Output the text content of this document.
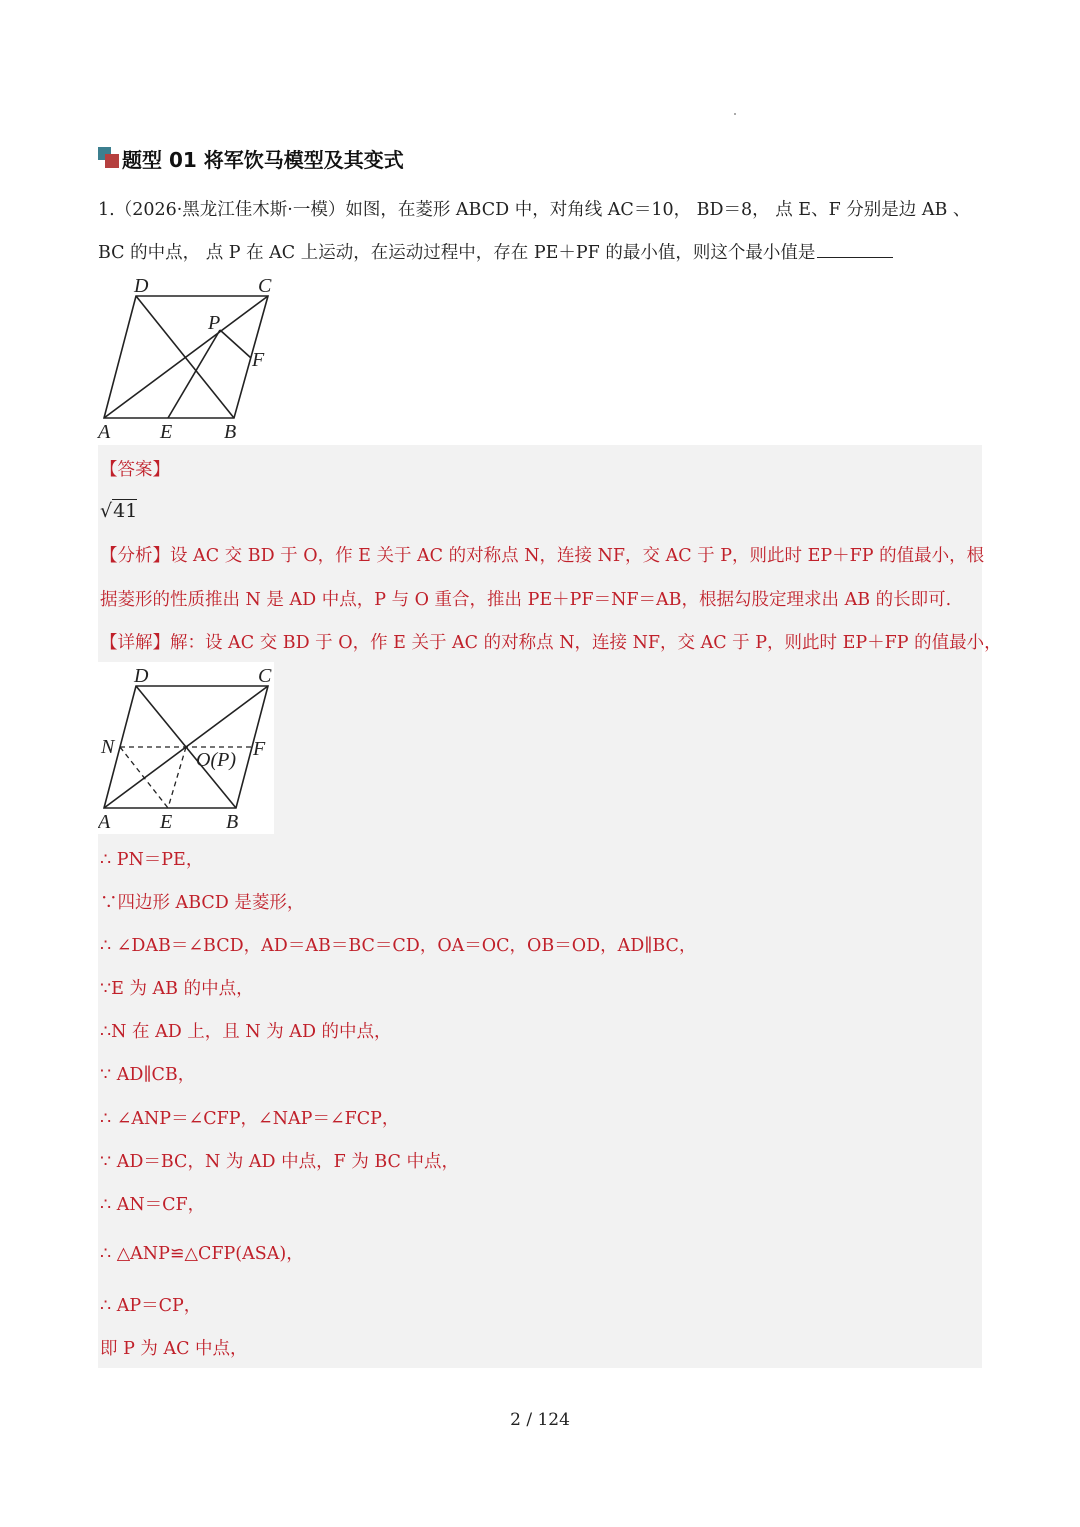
题型 01 将军饮马模型及其变式
1.（2026·黑龙江佳木斯·一模）如图，在菱形 ABCD 中，对角线 AC＝10， BD＝8， 点 E、F 分别是边 AB 、
BC 的中点， 点 P 在 AC 上运动，在运动过程中，存在 PE＋PF 的最小值，则这个最小值是
D	C
P
F
A E	B
【答案】
√41
【分析】设 AC 交 BD 于 O，作 E 关于 AC 的对称点 N，连接 NF，交 AC 于 P，则此时 EP＋FP 的值最小，根
据菱形的性质推出 N 是 AD 中点，P 与 O 重合，推出 PE＋PF＝NF＝AB，根据勾股定理求出 AB 的长即可.
【详解】解：设 AC 交 BD 于 O，作 E 关于 AC 的对称点 N，连接 NF，交 AC 于 P，则此时 EP＋FP 的值最小，
D	C
N	F
O(P)
A E	B
∴ PN＝PE，
∵四边形 ABCD 是菱形，
∴ ∠DAB＝∠BCD，AD＝AB＝BC＝CD，OA＝OC，OB＝OD，AD∥BC，
∵E 为 AB 的中点，
∴N 在 AD 上，且 N 为 AD 的中点，
∵ AD∥CB，
∴ ∠ANP＝∠CFP，∠NAP＝∠FCP，
∵ AD＝BC，N 为 AD 中点，F 为 BC 中点，
∴ AN＝CF，
∴ △ANP≌△CFP(ASA)，
∴ AP＝CP，
即 P 为 AC 中点，
2 / 124
